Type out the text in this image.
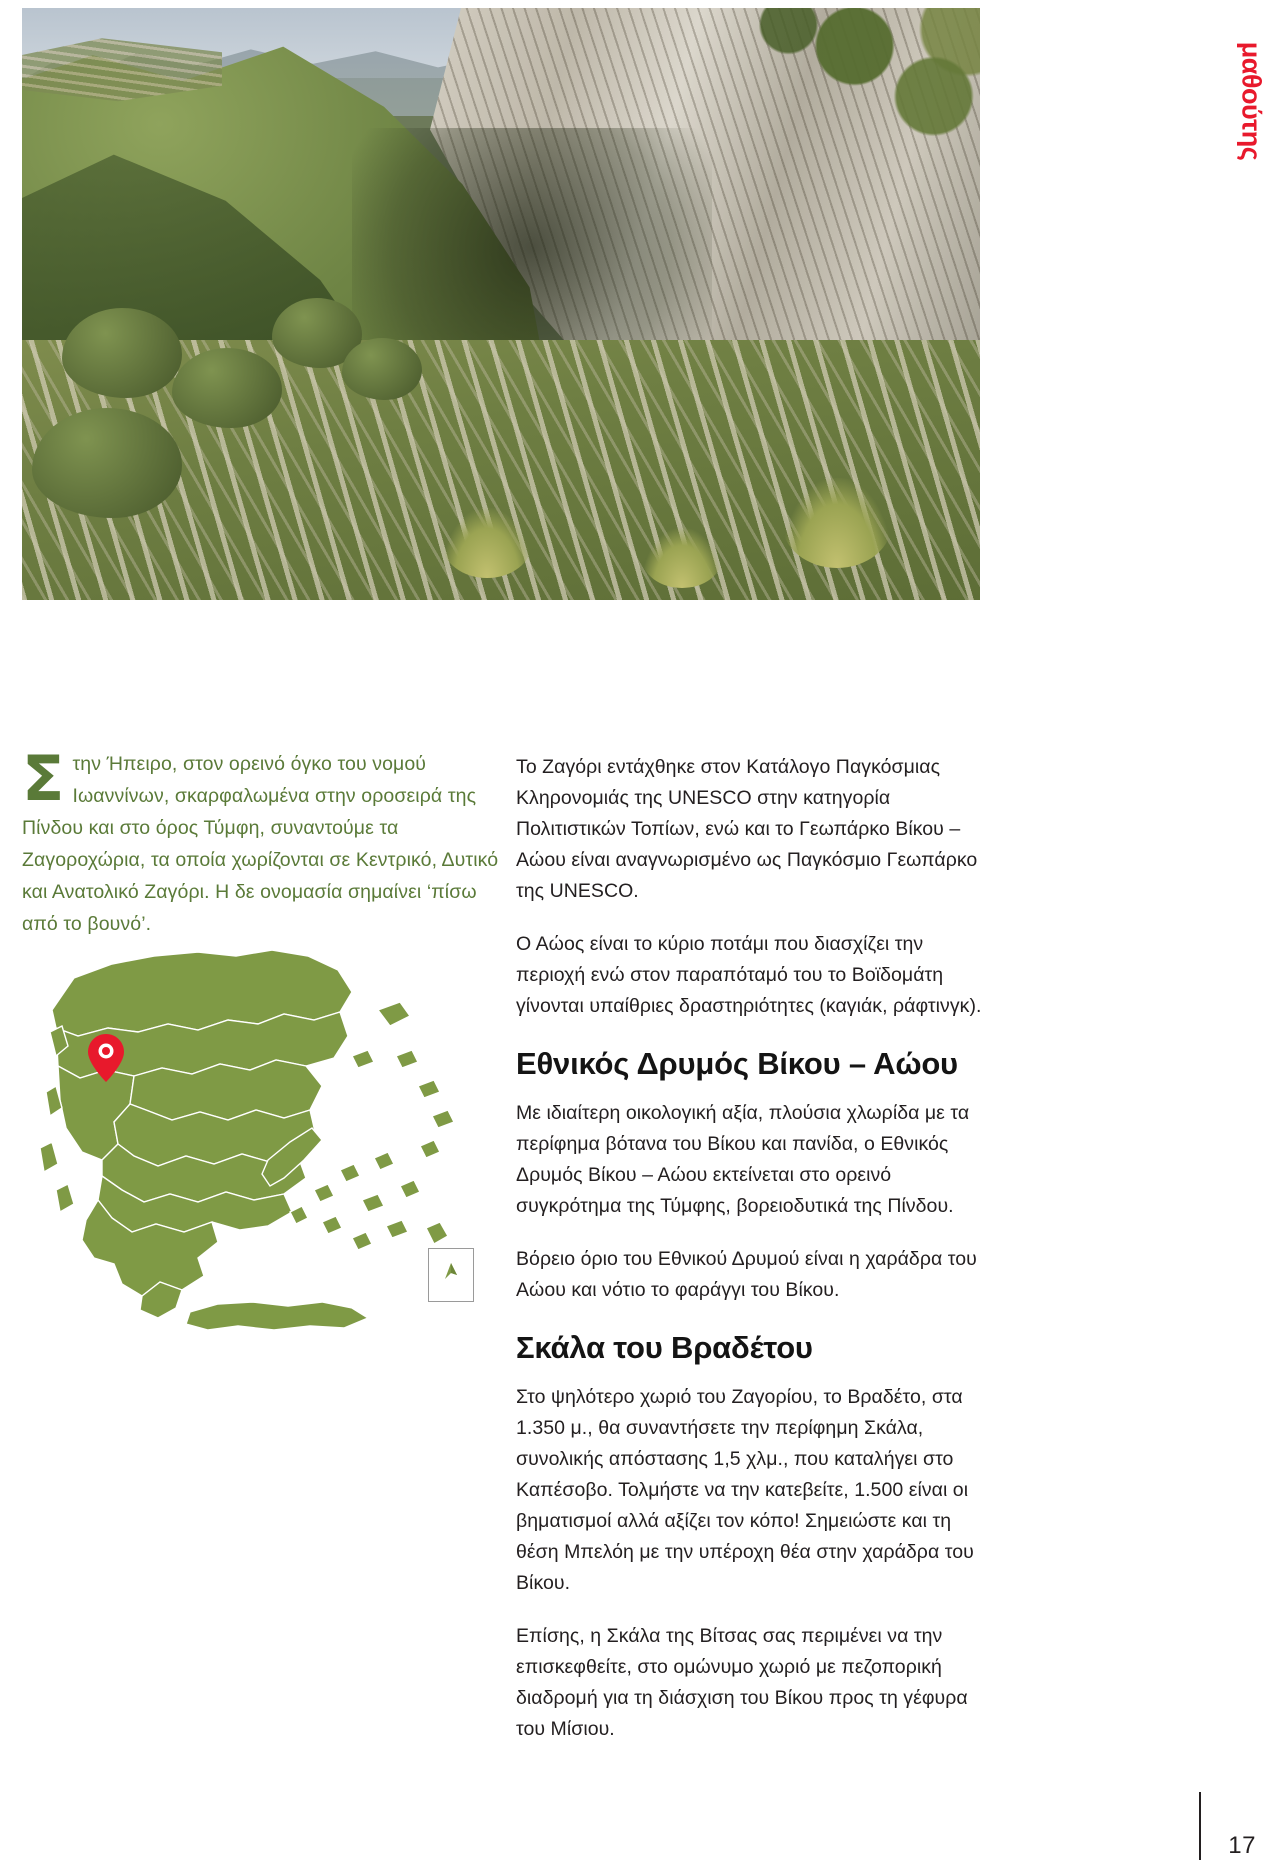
μαθούτης
Στην Ήπειρο, στον ορεινό όγκο του νομού Ιωαννίνων, σκαρφαλωμένα στην οροσειρά της Πίνδου και στο όρος Τύμφη, συναντούμε τα Ζαγοροχώρια, τα οποία χωρίζονται σε Κεντρικό, Δυτικό και Ανατολικό Ζαγόρι. Η δε ονομασία σημαίνει ‘πίσω από το βουνό’.

Το Ζαγόρι εντάχθηκε στον Κατάλογο Παγκόσμιας Κληρονομιάς της UNESCO στην κατηγορία Πολιτιστικών Τοπίων, ενώ και το Γεωπάρκο Βίκου – Αώου είναι αναγνωρισμένο ως Παγκόσμιο Γεωπάρκο της UNESCO.

Ο Αώος είναι το κύριο ποτάμι που διασχίζει την περιοχή ενώ στον παραπόταμό του το Βοϊδομάτη γίνονται υπαίθριες δραστηριότητες (καγιάκ, ράφτινγκ).

Εθνικός Δρυμός Βίκου – Αώου

Με ιδιαίτερη οικολογική αξία, πλούσια χλωρίδα με τα περίφημα βότανα του Βίκου και πανίδα, ο Εθνικός Δρυμός Βίκου – Αώου εκτείνεται στο ορεινό συγκρότημα της Τύμφης, βορειοδυτικά της Πίνδου.

Βόρειο όριο του Εθνικού Δρυμού είναι η χαράδρα του Αώου και νότιο το φαράγγι του Βίκου.

Σκάλα του Βραδέτου

Στο ψηλότερο χωριό του Ζαγορίου, το Βραδέτο, στα 1.350 μ., θα συναντήσετε την περίφημη Σκάλα, συνολικής απόστασης 1,5 χλμ., που καταλήγει στο Καπέσοβο. Τολμήστε να την κατεβείτε, 1.500 είναι οι βηματισμοί αλλά αξίζει τον κόπο! Σημειώστε και τη θέση Μπελόη με την υπέροχη θέα στην χαράδρα του Βίκου.

Επίσης, η Σκάλα της Βίτσας σας περιμένει να την επισκεφθείτε, στο ομώνυμο χωριό με πεζοπορική διαδρομή για τη διάσχιση του Βίκου προς τη γέφυρα του Μίσιου.

17
